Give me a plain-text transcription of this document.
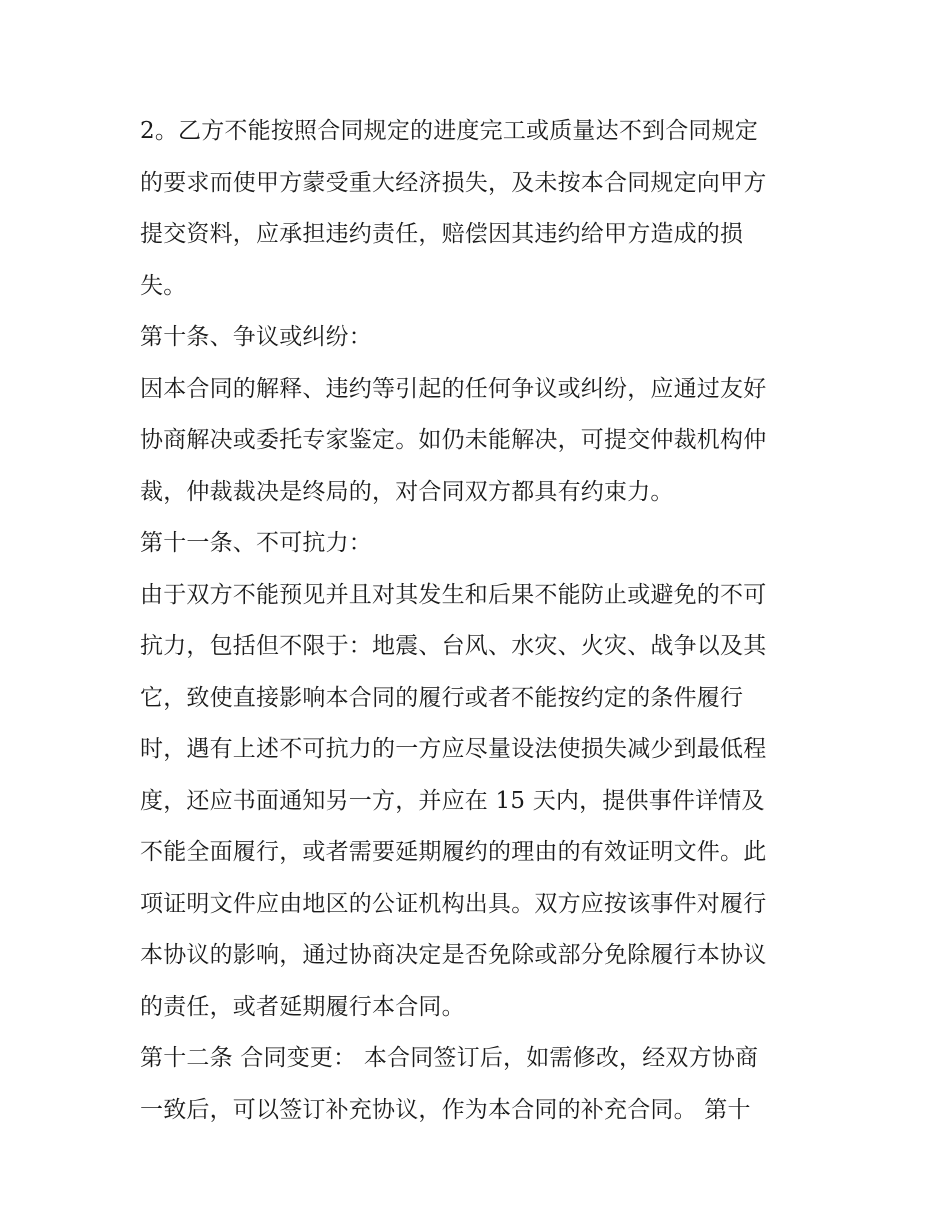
2。乙方不能按照合同规定的进度完工或质量达不到合同规定
的要求而使甲方蒙受重大经济损失，及未按本合同规定向甲方
提交资料，应承担违约责任，赔偿因其违约给甲方造成的损
失。
第十条、争议或纠纷：
因本合同的解释、违约等引起的任何争议或纠纷，应通过友好
协商解决或委托专家鉴定。如仍未能解决，可提交仲裁机构仲
裁，仲裁裁决是终局的，对合同双方都具有约束力。
第十一条、不可抗力：
由于双方不能预见并且对其发生和后果不能防止或避免的不可
抗力，包括但不限于：地震、台风、水灾、火灾、战争以及其
它，致使直接影响本合同的履行或者不能按约定的条件履行
时，遇有上述不可抗力的一方应尽量设法使损失减少到最低程
度，还应书面通知另一方，并应在 15 天内，提供事件详情及
不能全面履行，或者需要延期履约的理由的有效证明文件。此
项证明文件应由地区的公证机构出具。双方应按该事件对履行
本协议的影响，通过协商决定是否免除或部分免除履行本协议
的责任，或者延期履行本合同。
第十二条 合同变更： 本合同签订后，如需修改，经双方协商
一致后，可以签订补充协议，作为本合同的补充合同。 第十
